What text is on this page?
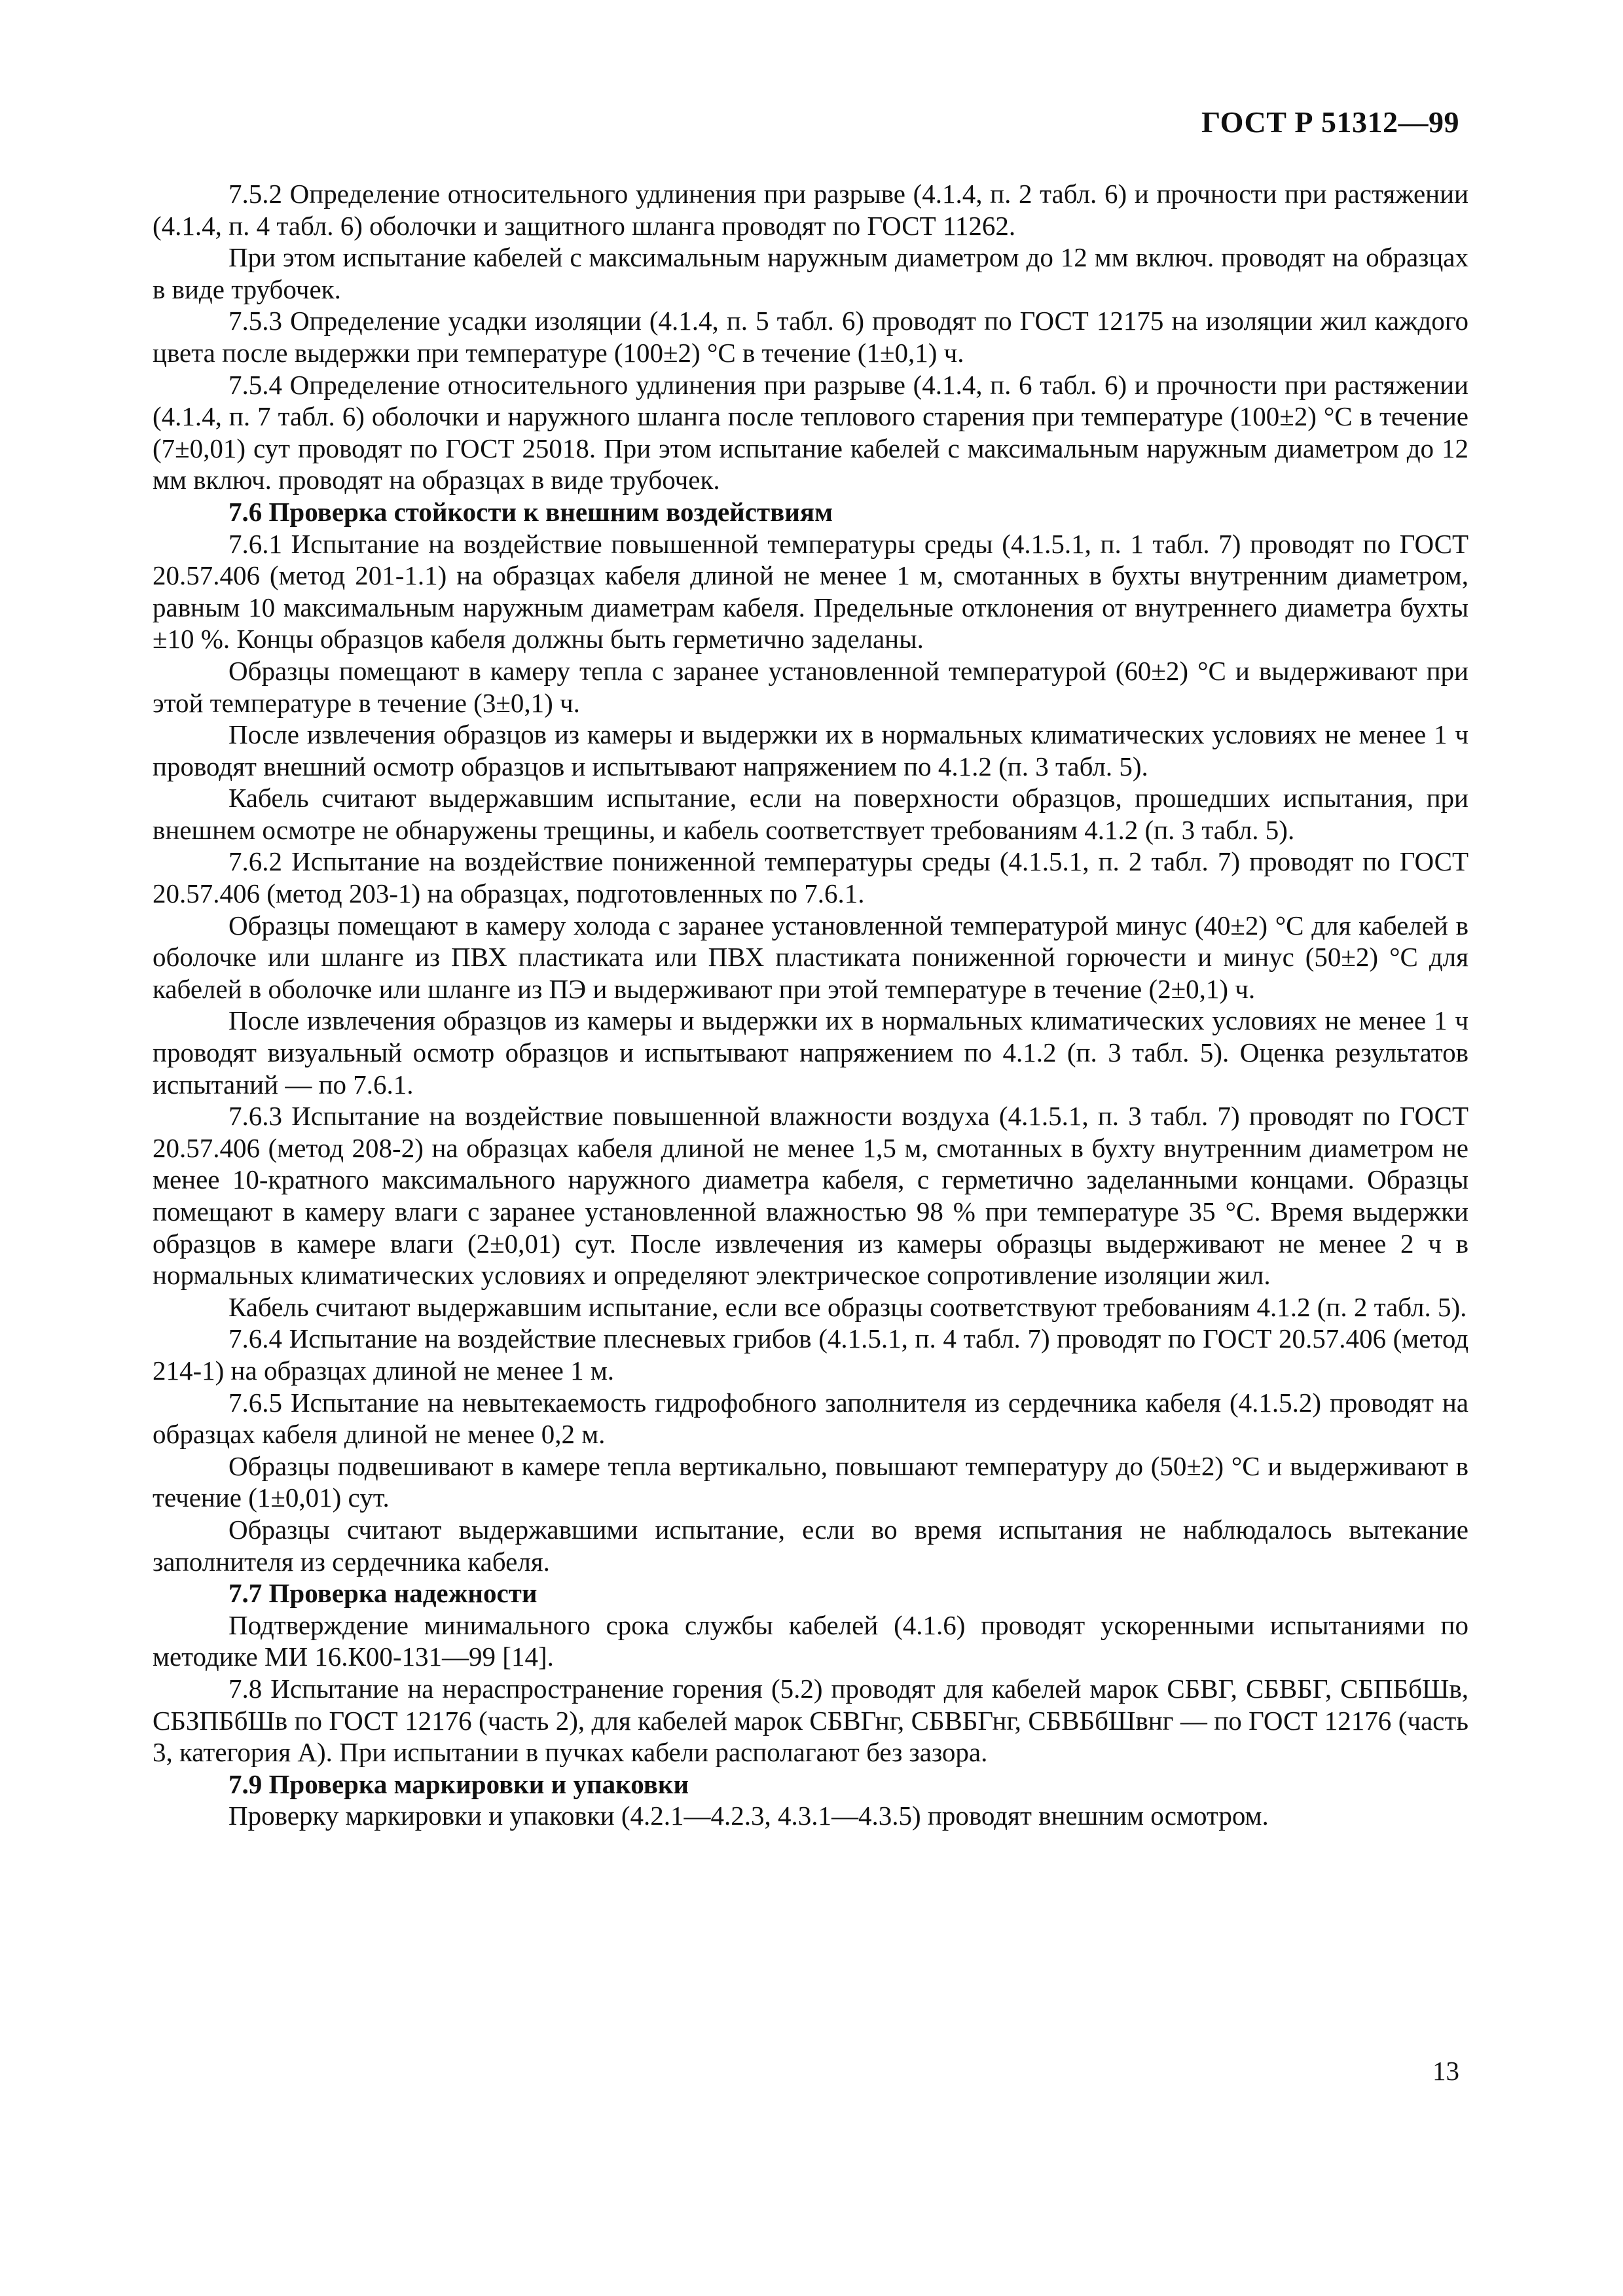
ГОСТ Р 51312—99

7.5.2 Определение относительного удлинения при разрыве (4.1.4, п. 2 табл. 6) и прочности при растяжении (4.1.4, п. 4 табл. 6) оболочки и защитного шланга проводят по ГОСТ 11262.

При этом испытание кабелей с максимальным наружным диаметром до 12 мм включ. проводят на образцах в виде трубочек.

7.5.3 Определение усадки изоляции (4.1.4, п. 5 табл. 6) проводят по ГОСТ 12175 на изоляции жил каждого цвета после выдержки при температуре (100±2) °С в течение (1±0,1) ч.

7.5.4 Определение относительного удлинения при разрыве (4.1.4, п. 6 табл. 6) и прочности при растяжении (4.1.4, п. 7 табл. 6) оболочки и наружного шланга после теплового старения при температуре (100±2) °С в течение (7±0,01) сут проводят по ГОСТ 25018. При этом испытание кабелей с максимальным наружным диаметром до 12 мм включ. проводят на образцах в виде трубочек.

7.6 Проверка стойкости к внешним воздействиям

7.6.1 Испытание на воздействие повышенной температуры среды (4.1.5.1, п. 1 табл. 7) проводят по ГОСТ 20.57.406 (метод 201-1.1) на образцах кабеля длиной не менее 1 м, смотанных в бухты внутренним диаметром, равным 10 максимальным наружным диаметрам кабеля. Предельные отклонения от внутреннего диаметра бухты ±10 %. Концы образцов кабеля должны быть герметично заделаны.

Образцы помещают в камеру тепла с заранее установленной температурой (60±2) °С и выдерживают при этой температуре в течение (3±0,1) ч.

После извлечения образцов из камеры и выдержки их в нормальных климатических условиях не менее 1 ч проводят внешний осмотр образцов и испытывают напряжением по 4.1.2 (п. 3 табл. 5).

Кабель считают выдержавшим испытание, если на поверхности образцов, прошедших испытания, при внешнем осмотре не обнаружены трещины, и кабель соответствует требованиям 4.1.2 (п. 3 табл. 5).

7.6.2 Испытание на воздействие пониженной температуры среды (4.1.5.1, п. 2 табл. 7) проводят по ГОСТ 20.57.406 (метод 203-1) на образцах, подготовленных по 7.6.1.

Образцы помещают в камеру холода с заранее установленной температурой минус (40±2) °С для кабелей в оболочке или шланге из ПВХ пластиката или ПВХ пластиката пониженной горючести и минус (50±2) °С для кабелей в оболочке или шланге из ПЭ и выдерживают при этой температуре в течение (2±0,1) ч.

После извлечения образцов из камеры и выдержки их в нормальных климатических условиях не менее 1 ч проводят визуальный осмотр образцов и испытывают напряжением по 4.1.2 (п. 3 табл. 5). Оценка результатов испытаний — по 7.6.1.

7.6.3 Испытание на воздействие повышенной влажности воздуха (4.1.5.1, п. 3 табл. 7) проводят по ГОСТ 20.57.406 (метод 208-2) на образцах кабеля длиной не менее 1,5 м, смотанных в бухту внутренним диаметром не менее 10-кратного максимального наружного диаметра кабеля, с герметично заделанными концами. Образцы помещают в камеру влаги с заранее установленной влажностью 98 % при температуре 35 °С. Время выдержки образцов в камере влаги (2±0,01) сут. После извлечения из камеры образцы выдерживают не менее 2 ч в нормальных климатических условиях и определяют электрическое сопротивление изоляции жил.

Кабель считают выдержавшим испытание, если все образцы соответствуют требованиям 4.1.2 (п. 2 табл. 5).

7.6.4 Испытание на воздействие плесневых грибов (4.1.5.1, п. 4 табл. 7) проводят по ГОСТ 20.57.406 (метод 214-1) на образцах длиной не менее 1 м.

7.6.5 Испытание на невытекаемость гидрофобного заполнителя из сердечника кабеля (4.1.5.2) проводят на образцах кабеля длиной не менее 0,2 м.

Образцы подвешивают в камере тепла вертикально, повышают температуру до (50±2) °С и выдерживают в течение (1±0,01) сут.

Образцы считают выдержавшими испытание, если во время испытания не наблюдалось вытекание заполнителя из сердечника кабеля.

7.7 Проверка надежности

Подтверждение минимального срока службы кабелей (4.1.6) проводят ускоренными испытаниями по методике МИ 16.К00-131—99 [14].

7.8 Испытание на нераспространение горения (5.2) проводят для кабелей марок СБВГ, СБВБГ, СБПБбШв, СБЗПБбШв по ГОСТ 12176 (часть 2), для кабелей марок СБВГнг, СБВБГнг, СБВБбШвнг — по ГОСТ 12176 (часть 3, категория А). При испытании в пучках кабели располагают без зазора.

7.9 Проверка маркировки и упаковки

Проверку маркировки и упаковки (4.2.1—4.2.3, 4.3.1—4.3.5) проводят внешним осмотром.

13
